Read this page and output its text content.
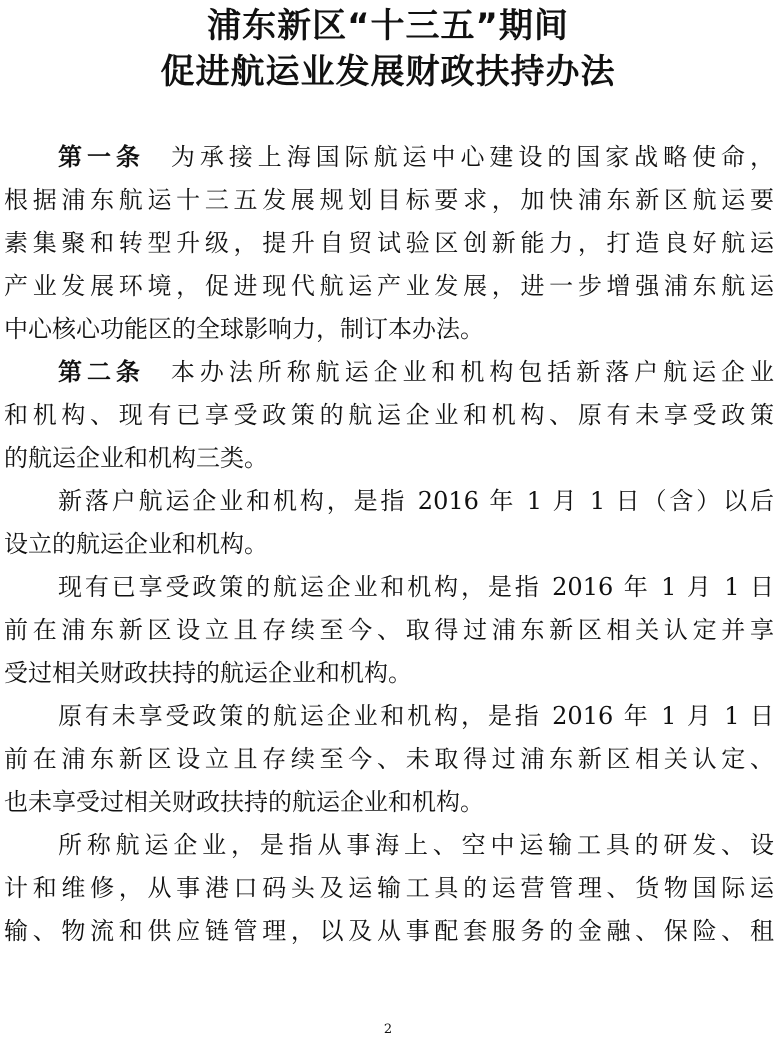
浦东新区“十三五”期间
促进航运业发展财政扶持办法
第一条 为承接上海国际航运中心建设的国家战略使命，
根据浦东航运十三五发展规划目标要求，加快浦东新区航运要
素集聚和转型升级，提升自贸试验区创新能力，打造良好航运
产业发展环境，促进现代航运产业发展，进一步增强浦东航运
中心核心功能区的全球影响力，制订本办法。
第二条 本办法所称航运企业和机构包括新落户航运企业
和机构、现有已享受政策的航运企业和机构、原有未享受政策
的航运企业和机构三类。
新落户航运企业和机构，是指 2016 年 1 月 1 日（含）以后
设立的航运企业和机构。
现有已享受政策的航运企业和机构，是指 2016 年 1 月 1 日
前在浦东新区设立且存续至今、取得过浦东新区相关认定并享
受过相关财政扶持的航运企业和机构。
原有未享受政策的航运企业和机构，是指 2016 年 1 月 1 日
前在浦东新区设立且存续至今、未取得过浦东新区相关认定、
也未享受过相关财政扶持的航运企业和机构。
所称航运企业，是指从事海上、空中运输工具的研发、设
计和维修，从事港口码头及运输工具的运营管理、货物国际运
输、物流和供应链管理，以及从事配套服务的金融、保险、租
2
